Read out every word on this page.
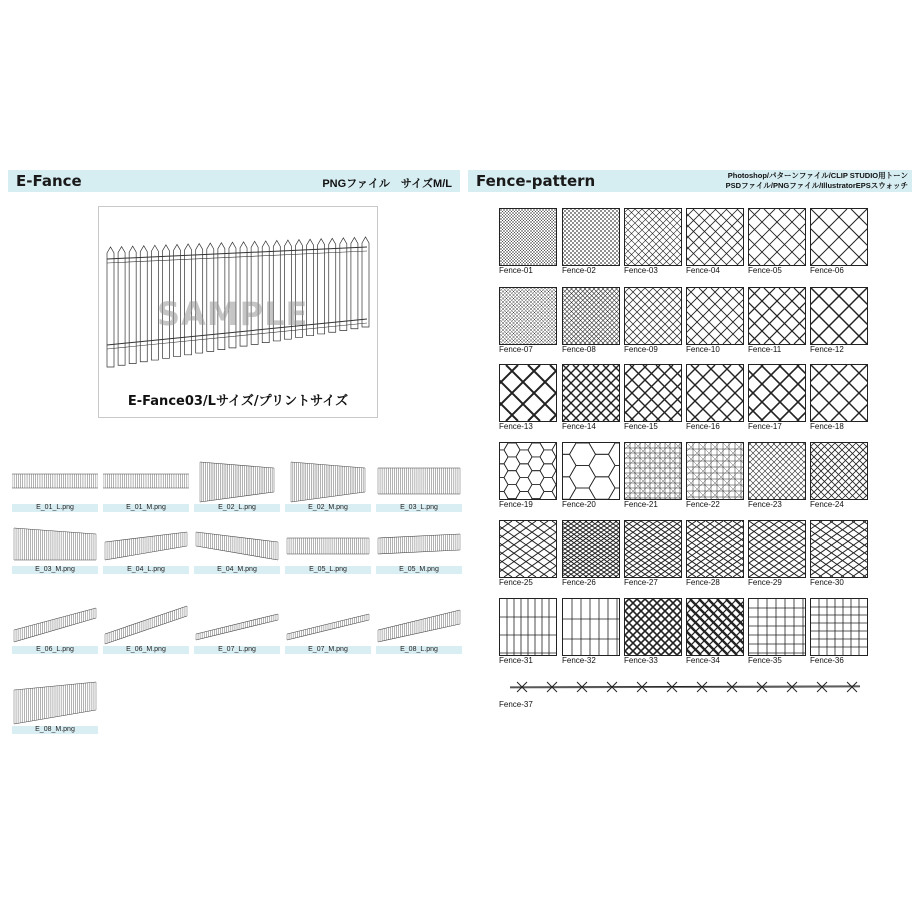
E-Fance	PNGファイル　サイズM/L Fence-pattern	Photoshop/パターンファイル/CLIP STUDIO用トーン
PSDファイル/PNGファイル/IllustratorEPSスウォッチ
SAMPLE
E-Fance03/Lサイズ/プリントサイズ
E_01_L.png	E_01_M.png	E_02_L.png	E_02_M.png	E_03_L.png
E_03_M.png	E_04_L.png	E_04_M.png	E_05_L.png	E_05_M.png
E_06_L.png	E_06_M.png	E_07_L.png	E_07_M.png	E_08_L.png
E_08_M.png
Fence-01	Fence-02	Fence-03	Fence-04	Fence-05	Fence-06
Fence-07	Fence-08	Fence-09	Fence-10	Fence-11	Fence-12
Fence-13	Fence-14	Fence-15	Fence-16	Fence-17	Fence-18
Fence-19	Fence-20	Fence-21	Fence-22	Fence-23	Fence-24
Fence-25	Fence-26	Fence-27	Fence-28	Fence-29	Fence-30
Fence-31	Fence-32	Fence-33	Fence-34	Fence-35	Fence-36
Fence-37
